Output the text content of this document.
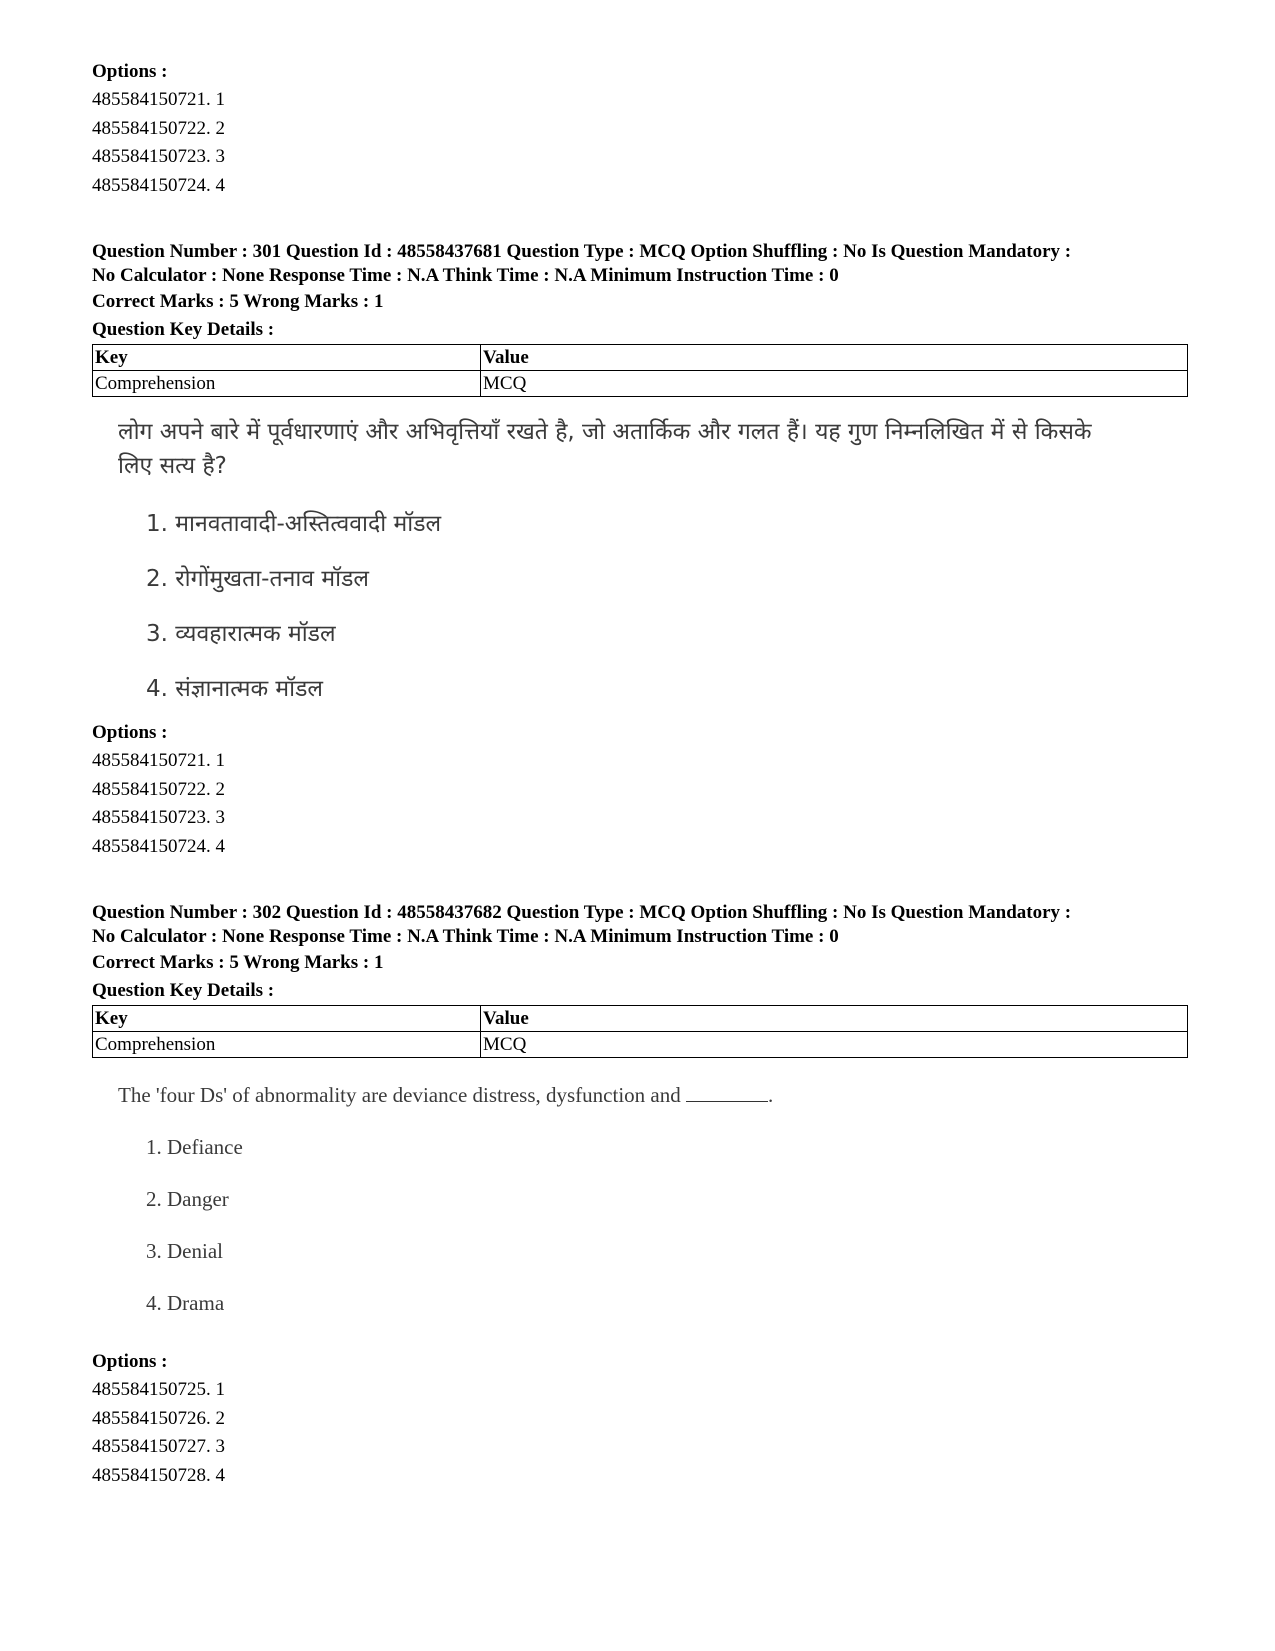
Options :
485584150721. 1
485584150722. 2
485584150723. 3
485584150724. 4
Question Number : 301 Question Id : 48558437681 Question Type : MCQ Option Shuffling : No Is Question Mandatory :
No Calculator : None Response Time : N.A Think Time : N.A Minimum Instruction Time : 0
Correct Marks : 5 Wrong Marks : 1
Question Key Details :
Key	Value
Comprehension	MCQ
लोग अपने बारे में पूर्वधारणाएं और अभिवृत्तियाँ रखते है, जो अतार्किक और गलत हैं। यह गुण निम्नलिखित में से किसके लिए सत्य है?
1. मानवतावादी-अस्तित्ववादी मॉडल
2. रोगोंमुखता-तनाव मॉडल
3. व्यवहारात्मक मॉडल
4. संज्ञानात्मक मॉडल
Options :
485584150721. 1
485584150722. 2
485584150723. 3
485584150724. 4
Question Number : 302 Question Id : 48558437682 Question Type : MCQ Option Shuffling : No Is Question Mandatory :
No Calculator : None Response Time : N.A Think Time : N.A Minimum Instruction Time : 0
Correct Marks : 5 Wrong Marks : 1
Question Key Details :
Key	Value
Comprehension	MCQ
The 'four Ds' of abnormality are deviance distress, dysfunction and	.
1. Defiance
2. Danger
3. Denial
4. Drama
Options :
485584150725. 1
485584150726. 2
485584150727. 3
485584150728. 4
